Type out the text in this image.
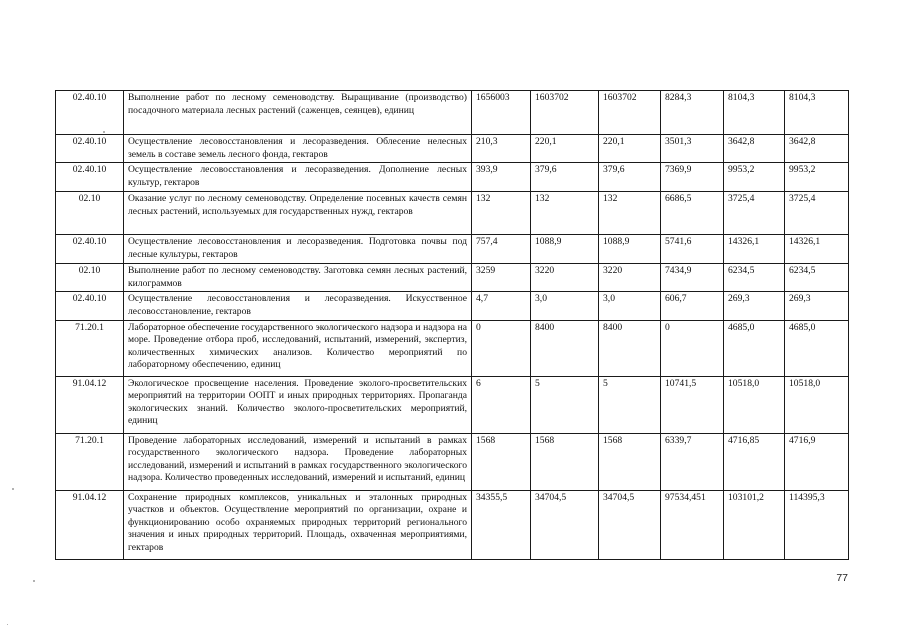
02.40.10	Выполнение работ по лесному семеноводству. Выращивание (производство) посадочного материала лесных растений (саженцев, сеянцев), единиц	1656003	1603702	1603702	8284,3	8104,3	8104,3
02.40.10	Осуществление лесовосстановления и лесоразведения. Облесение нелесных земель в составе земель лесного фонда, гектаров	210,3	220,1	220,1	3501,3	3642,8	3642,8
02.40.10	Осуществление лесовосстановления и лесоразведения. Дополнение лесных культур, гектаров	393,9	379,6	379,6	7369,9	9953,2	9953,2
02.10	Оказание услуг по лесному семеноводству. Определение посевных качеств семян лесных растений, используемых для государственных нужд, гектаров	132	132	132	6686,5	3725,4	3725,4
02.40.10	Осуществление лесовосстановления и лесоразведения. Подготовка почвы под лесные культуры, гектаров	757,4	1088,9	1088,9	5741,6	14326,1	14326,1
02.10	Выполнение работ по лесному семеноводству. Заготовка семян лесных растений, килограммов	3259	3220	3220	7434,9	6234,5	6234,5
02.40.10	Осуществление лесовосстановления и лесоразведения. Искусственное лесовосстановление, гектаров	4,7	3,0	3,0	606,7	269,3	269,3
71.20.1	Лабораторное обеспечение государственного экологического надзора и надзора на море. Проведение отбора проб, исследований, испытаний, измерений, экспертиз, количественных химических анализов. Количество мероприятий по лабораторному обеспечению, единиц	0	8400	8400	0	4685,0	4685,0
91.04.12	Экологическое просвещение населения. Проведение эколого-просветительских мероприятий на территории ООПТ и иных природных территориях. Пропаганда экологических знаний. Количество эколого-просветительских мероприятий, единиц	6	5	5	10741,5	10518,0	10518,0
71.20.1	Проведение лабораторных исследований, измерений и испытаний в рамках государственного экологического надзора. Проведение лабораторных исследований, измерений и испытаний в рамках государственного экологического надзора. Количество проведенных исследований, измерений и испытаний, единиц	1568	1568	1568	6339,7	4716,85	4716,9
91.04.12	Сохранение природных комплексов, уникальных и эталонных природных участков и объектов. Осуществление мероприятий по организации, охране и функционированию особо охраняемых природных территорий регионального значения и иных природных территорий. Площадь, охваченная мероприятиями, гектаров	34355,5	34704,5	34704,5	97534,451	103101,2	114395,3
77
